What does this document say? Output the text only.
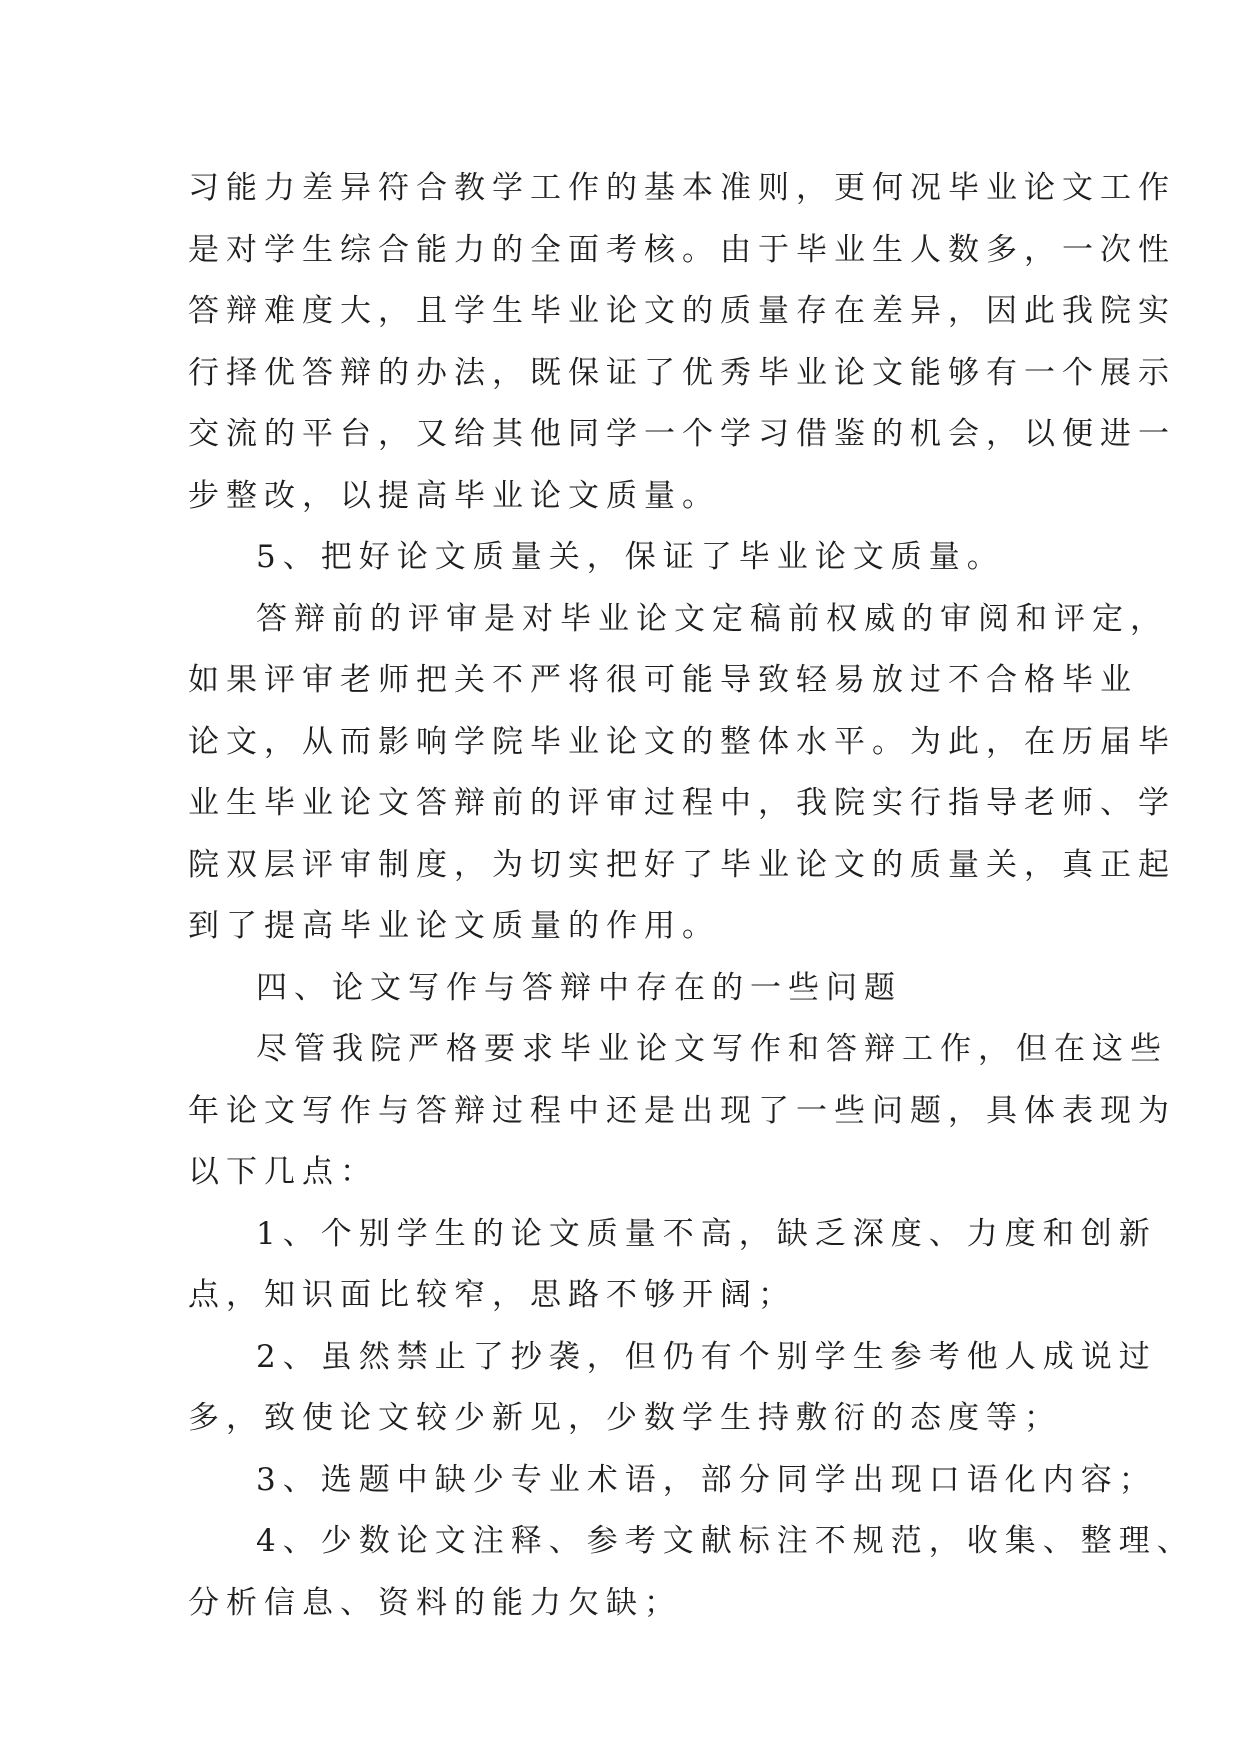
习能力差异符合教学工作的基本准则，更何况毕业论文工作

是对学生综合能力的全面考核。由于毕业生人数多，一次性

答辩难度大，且学生毕业论文的质量存在差异，因此我院实

行择优答辩的办法，既保证了优秀毕业论文能够有一个展示

交流的平台，又给其他同学一个学习借鉴的机会，以便进一

步整改，以提高毕业论文质量。

5、把好论文质量关，保证了毕业论文质量。

答辩前的评审是对毕业论文定稿前权威的审阅和评定，

如果评审老师把关不严将很可能导致轻易放过不合格毕业

论文，从而影响学院毕业论文的整体水平。为此，在历届毕

业生毕业论文答辩前的评审过程中，我院实行指导老师、学

院双层评审制度，为切实把好了毕业论文的质量关，真正起

到了提高毕业论文质量的作用。

四、论文写作与答辩中存在的一些问题

尽管我院严格要求毕业论文写作和答辩工作，但在这些

年论文写作与答辩过程中还是出现了一些问题，具体表现为

以下几点：

1、个别学生的论文质量不高，缺乏深度、力度和创新

点，知识面比较窄，思路不够开阔；

2、虽然禁止了抄袭，但仍有个别学生参考他人成说过

多，致使论文较少新见，少数学生持敷衍的态度等；

3、选题中缺少专业术语，部分同学出现口语化内容；

4、少数论文注释、参考文献标注不规范，收集、整理、

分析信息、资料的能力欠缺；
